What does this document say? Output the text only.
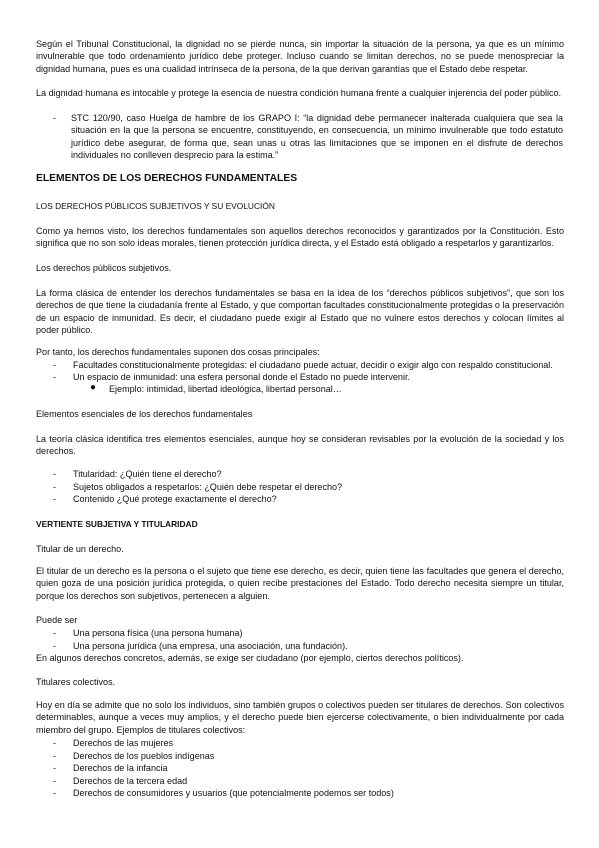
Según el Tribunal Constitucional, la dignidad no se pierde nunca, sin importar la situación de la persona, ya que es un mínimo invulnerable que todo ordenamiento jurídico debe proteger. Incluso cuando se limitan derechos, no se puede menospreciar la dignidad humana, pues es una cualidad intrínseca de la persona, de la que derivan garantías que el Estado debe respetar.

La dignidad humana es intocable y protege la esencia de nuestra condición humana frente a cualquier injerencia del poder público.

- STC 120/90, caso Huelga de hambre de los GRAPO I: “la dignidad debe permanecer inalterada cualquiera que sea la situación en la que la persona se encuentre, constituyendo, en consecuencia, un mínimo invulnerable que todo estatuto jurídico debe asegurar, de forma que, sean unas u otras las limitaciones que se imponen en el disfrute de derechos individuales no conlleven desprecio para la estima.”

ELEMENTOS DE LOS DERECHOS FUNDAMENTALES

LOS DERECHOS PÚBLICOS SUBJETIVOS Y SU EVOLUCIÓN

Como ya hemos visto, los derechos fundamentales son aquellos derechos reconocidos y garantizados por la Constitución. Esto significa que no son solo ideas morales, tienen protección jurídica directa, y el Estado está obligado a respetarlos y garantizarlos.

Los derechos públicos subjetivos.

La forma clásica de entender los derechos fundamentales se basa en la idea de los “derechos públicos subjetivos”, que son los derechos de que tiene la ciudadanía frente al Estado, y que comportan facultades constitucionalmente protegidas o la preservación de un espacio de inmunidad. Es decir, el ciudadano puede exigir al Estado que no vulnere estos derechos y colocan límites al poder público.

Por tanto, los derechos fundamentales suponen dos cosas principales:

- Facultades constitucionalmente protegidas: el ciudadano puede actuar, decidir o exigir algo con respaldo constitucional.

- Un espacio de inmunidad: una esfera personal donde el Estado no puede intervenir.

● Ejemplo: intimidad, libertad ideológica, libertad personal…

Elementos esenciales de los derechos fundamentales

La teoría clásica identifica tres elementos esenciales, aunque hoy se consideran revisables por la evolución de la sociedad y los derechos.

- Titularidad: ¿Quién tiene el derecho?

- Sujetos obligados a respetarlos: ¿Quién debe respetar el derecho?

- Contenido ¿Qué protege exactamente el derecho?

VERTIENTE SUBJETIVA Y TITULARIDAD

Titular de un derecho.

El titular de un derecho es la persona o el sujeto que tiene ese derecho, es decir, quien tiene las facultades que genera el derecho, quien goza de una posición jurídica protegida, o quien recibe prestaciones del Estado. Todo derecho necesita siempre un titular, porque los derechos son subjetivos, pertenecen a alguien.

Puede ser

- Una persona física (una persona humana)

- Una persona jurídica (una empresa, una asociación, una fundación).

En algunos derechos concretos, además, se exige ser ciudadano (por ejemplo, ciertos derechos políticos).

Titulares colectivos.

Hoy en día se admite que no solo los individuos, sino también grupos o colectivos pueden ser titulares de derechos. Son colectivos determinables, aunque a veces muy amplios, y el derecho puede bien ejercerse colectivamente, o bien individualmente por cada miembro del grupo. Ejemplos de titulares colectivos:

- Derechos de las mujeres

- Derechos de los pueblos indígenas

- Derechos de la infancia

- Derechos de la tercera edad

- Derechos de consumidores y usuarios (que potencialmente podemos ser todos)
